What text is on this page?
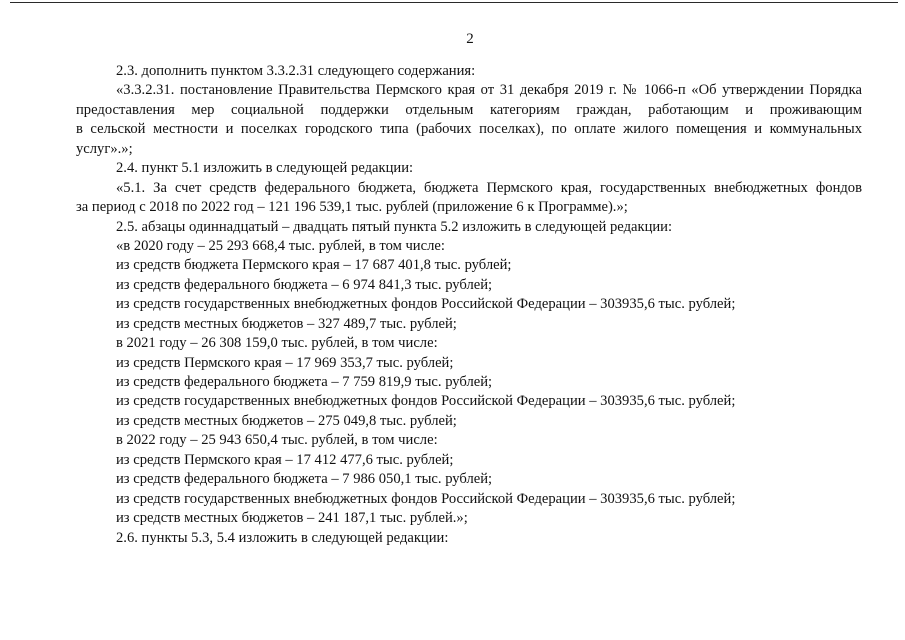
2
2.3. дополнить пунктом 3.3.2.31 следующего содержания:
«3.3.2.31. постановление Правительства Пермского края от 31 декабря 2019 г. № 1066-п «Об утверждении Порядка
предоставления мер социальной поддержки отдельным категориям граждан, работающим и проживающим
в сельской местности и поселках городского типа (рабочих поселках), по оплате жилого помещения и коммунальных
услуг».»;
2.4. пункт 5.1 изложить в следующей редакции:
«5.1. За счет средств федерального бюджета, бюджета Пермского края, государственных внебюджетных фондов
за период с 2018 по 2022 год – 121 196 539,1 тыс. рублей (приложение 6 к Программе).»;
2.5. абзацы одиннадцатый – двадцать пятый пункта 5.2 изложить в следующей редакции:
«в 2020 году – 25 293 668,4 тыс. рублей, в том числе:
из средств бюджета Пермского края – 17 687 401,8 тыс. рублей;
из средств федерального бюджета – 6 974 841,3 тыс. рублей;
из средств государственных внебюджетных фондов Российской Федерации – 303935,6 тыс. рублей;
из средств местных бюджетов – 327 489,7 тыс. рублей;
в 2021 году – 26 308 159,0 тыс. рублей, в том числе:
из средств Пермского края – 17 969 353,7 тыс. рублей;
из средств федерального бюджета – 7 759 819,9 тыс. рублей;
из средств государственных внебюджетных фондов Российской Федерации – 303935,6 тыс. рублей;
из средств местных бюджетов – 275 049,8 тыс. рублей;
в 2022 году – 25 943 650,4 тыс. рублей, в том числе:
из средств Пермского края – 17 412 477,6 тыс. рублей;
из средств федерального бюджета – 7 986 050,1 тыс. рублей;
из средств государственных внебюджетных фондов Российской Федерации – 303935,6 тыс. рублей;
из средств местных бюджетов – 241 187,1 тыс. рублей.»;
2.6. пункты 5.3, 5.4 изложить в следующей редакции:
